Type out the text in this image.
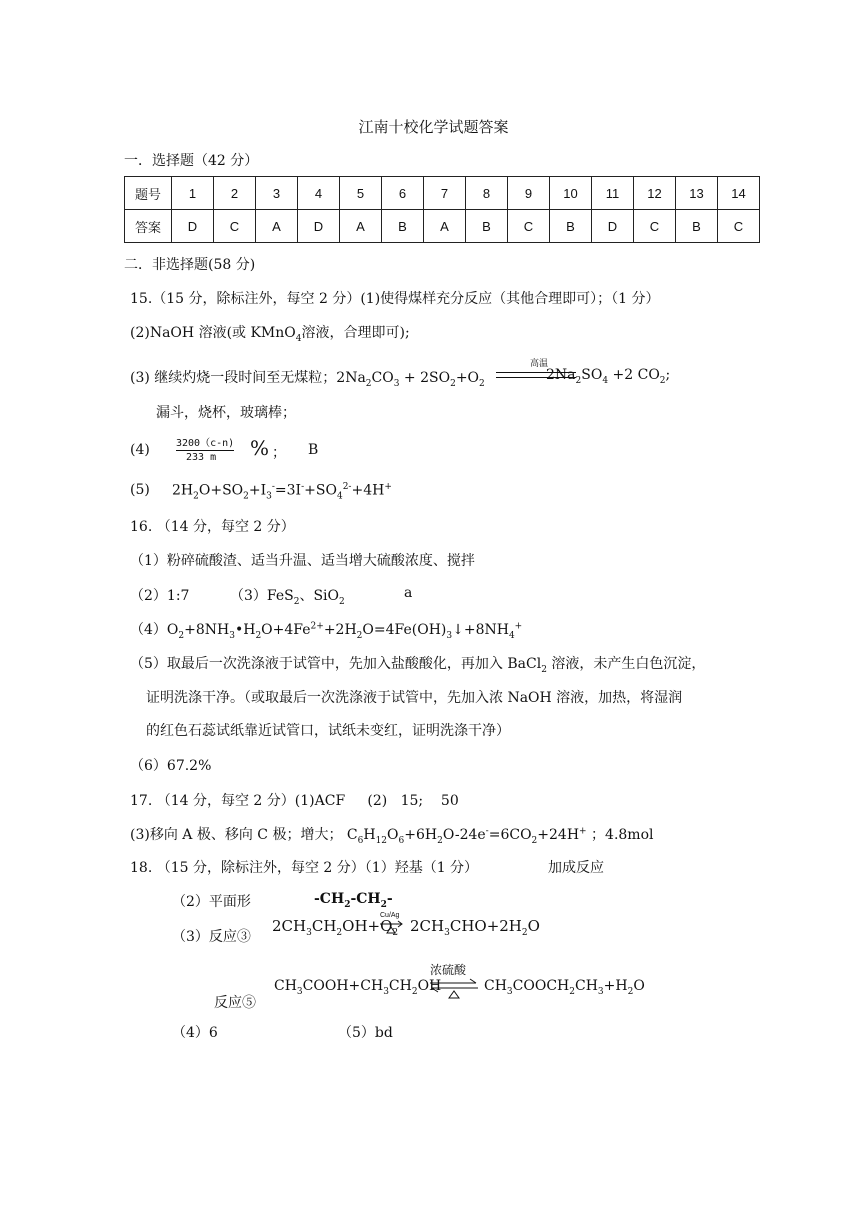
江南十校化学试题答案
一．选择题（42 分）
题号	1	2	3	4	5	6	7	8	9	10	11	12	13	14
答案	D	C	A	D	A	B	A	B	C	B	D	C	B	C
二．非选择题(58 分)
15.（15 分，除标注外，每空 2 分）(1)使得煤样充分反应（其他合理即可）；（1 分）
(2)NaOH 溶液(或 KMnO$_4$溶液，合理即可);
(3) 继续灼烧一段时间至无煤粒；$2Na_2CO_3 + 2SO_2+O_2$
高温
$2Na_2SO_4 +2$ $CO_2$;
漏斗，烧杯，玻璃棒；
(4)	3200（c-n)
233 m % ； B
(5) $2H_2O+SO_2+I_3^-=3I^-+SO_4^{2-}+4H^+$
16. （14 分，每空 2 分）
（1）粉碎硫酸渣、适当升温、适当增大硫酸浓度、搅拌
（2）1:7	（3）FeS$_2$、SiO$_2$
a
$(4)O_2+8NH_3•H_2O+4Fe^{2+}+2H_2O=4Fe(OH)_3↓+8NH_4^+$
（5）取最后一次洗涤液于试管中，先加入盐酸酸化，再加入 BaCl$_2$ 溶液，未产生白色沉淀，
证明洗涤干净。（或取最后一次洗涤液于试管中，先加入浓 NaOH 溶液，加热，将湿润
的红色石蕊试纸靠近试管口，试纸未变红，证明洗涤干净）
（6）67.2%
17. （14 分，每空 2 分）(1)ACF     (2)   15;    50
(3)移向 A 极、移向 C 极；增大； $C_6H_{12}O_6+6H_2O-24e^-=6CO_2+24H^+$ ；4.8mol
18. （15 分，除标注外，每空 2 分）（1）羟基（1 分）	加成反应
（2）平面形	$-CH_2-CH_2-$
（3）反应③
$2CH_3CH_2OH+O_2$
Cu/Ag
$2CH_3CHO+2H_2O$
浓硫酸
$CH_3COOH+CH_3CH_2OH$ ⇌ $CH_3COOCH_2CH_3+H_2O$
反应⑤
（4）6	（5）bd
